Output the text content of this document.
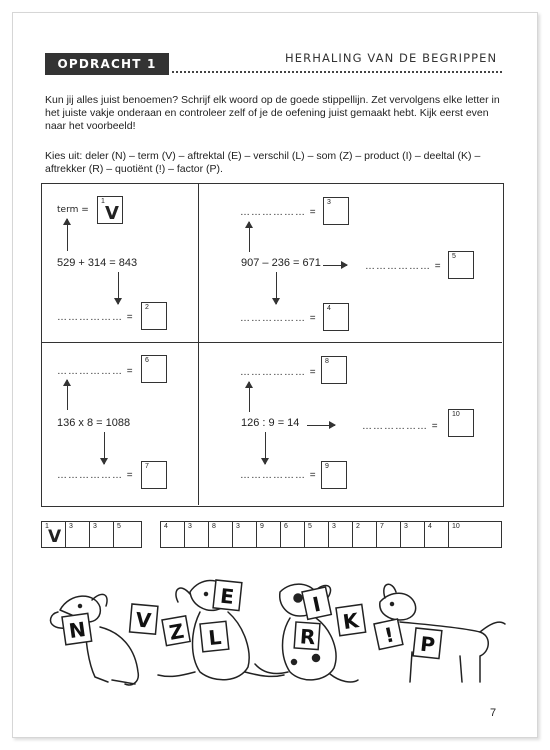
OPDRACHT 1	HERHALING VAN DE BEGRIPPEN
Kun jij alles juist benoemen? Schrijf elk woord op de goede stippellijn. Zet vervolgens elke letter in het juiste vakje onderaan en controleer zelf of je de oefening juist gemaakt hebt. Kijk eerst even naar het voorbeeld!
Kies uit: deler (N) – term (V) – aftrektal (E) – verschil (L) – som (Z) – product (I) – deeltal (K) – aftrekker (R) – quotiënt (!) – factor (P).
term =
1
V
529 + 314 = 843
……………… =
2
……………… =
3
907 – 236 = 671	……………… =
5
……………… =
4
……………… =
6
136 x 8 = 1088
……………… =
7
……………… =
8
126 : 9 = 14	……………… =
10
……………… =
9
1
V
3	3	5	4	3	8	3	9	6	5	3	2	7	3	4	10
N V Z L
E	I
R
K
! P
7
